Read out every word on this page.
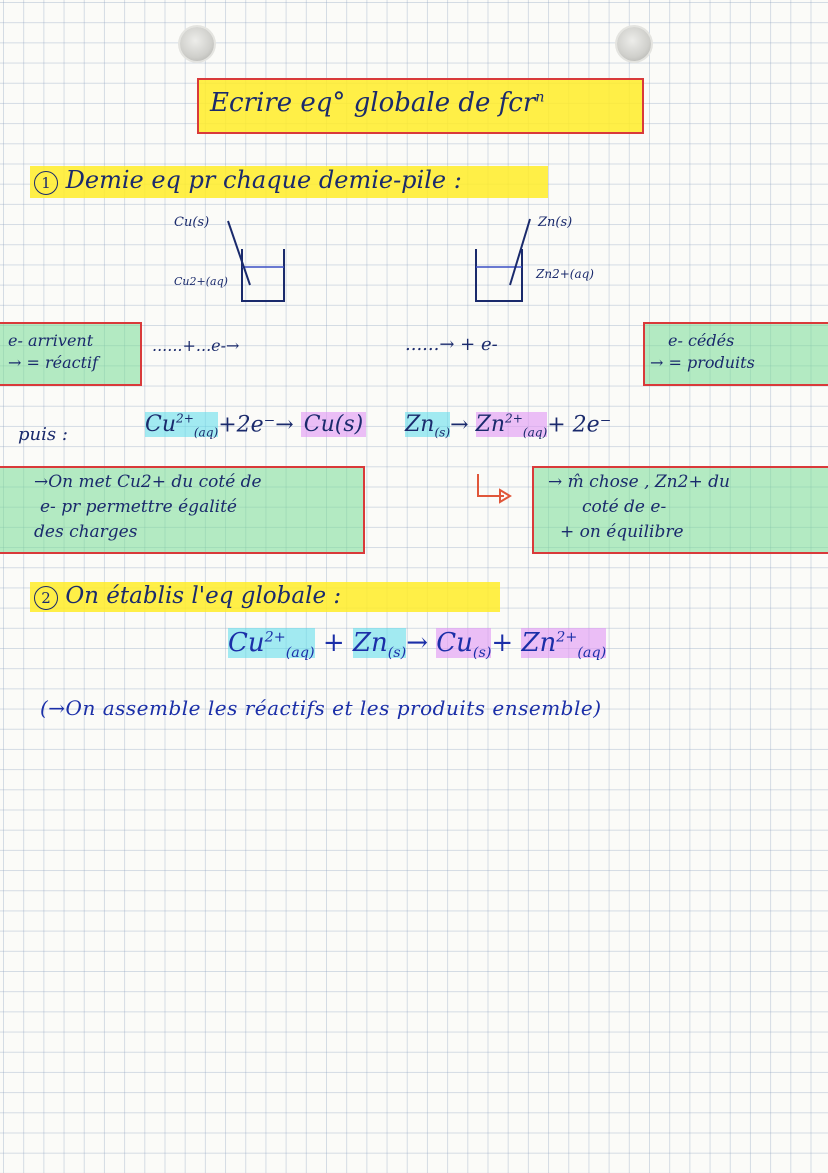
Ecrire eq° globale de fcr$^n$
1 Demie eq pr chaque demie-pile :
Cu(s)
Cu2+(aq)
Zn(s)
Zn2+(aq)
e- arrivent
→ = réactif
......+...e-→	......→ + e-	e- cédés
→ = produits
puis :	$Cu^{2+}_{(aq)}+2e^-\to Cu(s)$ $Zn_{(s)}\to Zn^{2+}_{(aq)}+ 2e^-$
→On met Cu2+ du coté de
e- pr permettre égalité
des charges
→ m̂ chose , Zn2+ du
coté de e-
+ on équilibre
2 On établis l'eq globale :
$Cu^{2+}_{(aq)} + Zn_{(s)}\to Cu_{(s)}+ Zn^{2+}_{(aq)}$
(→On assemble les réactifs et les produits ensemble)
